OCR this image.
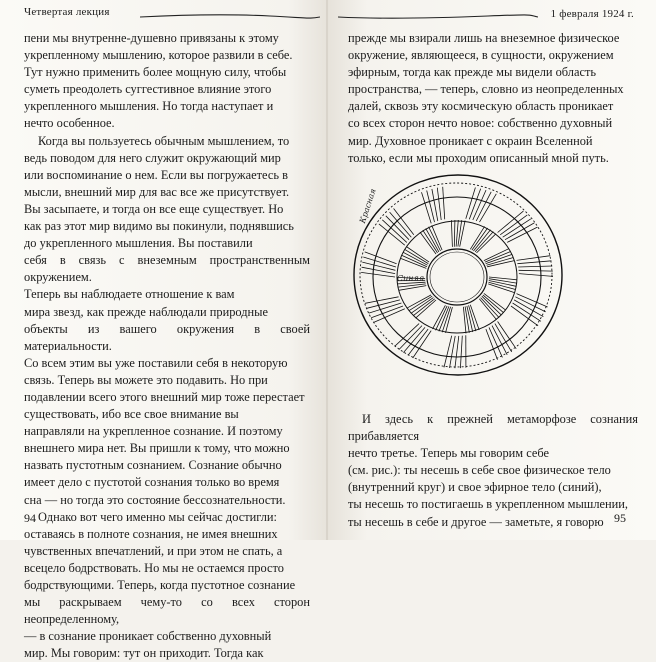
Четвертая лекция

пени мы внутренне-душевно привязаны к этому

укрепленному мышлению, которое развили в себе.

Тут нужно применить более мощную силу, чтобы

суметь преодолеть суггестивное влияние этого

укрепленного мышления. Но тогда наступает и

нечто особенное.

Когда вы пользуетесь обычным мышлением, то

ведь поводом для него служит окружающий мир

или воспоминание о нем. Если вы погружаетесь в

мысли, внешний мир для вас все же присутствует.

Вы засыпаете, и тогда он все еще существует. Но

как раз этот мир видимо вы покинули, поднявшись

до укрепленного мышления. Вы поставили

себя в связь с внеземным пространственным окружением.

Теперь вы наблюдаете отношение к вам

мира звезд, как прежде наблюдали природные

объекты из вашего окружения в своей материальности.

Со всем этим вы уже поставили себя в некоторую

связь. Теперь вы можете это подавить. Но при

подавлении всего этого внешний мир тоже перестает

существовать, ибо все свое внимание вы

направляли на укрепленное сознание. И поэтому

внешнего мира нет. Вы пришли к тому, что можно

назвать пустотным сознанием. Сознание обычно

имеет дело с пустотой сознания только во время

сна — но тогда это состояние бессознательности.

Однако вот чего именно мы сейчас достигли:

оставаясь в полноте сознания, не имея внешних

чувственных впечатлений, и при этом не спать, а

всецело бодрствовать. Но мы не остаемся просто

бодрствующими. Теперь, когда пустотное сознание

мы раскрываем чему-то со всех сторон неопределенному,

— в сознание проникает собственно духовный

мир. Мы говорим: тут он приходит. Тогда как

94
1 февраля 1924 г.

прежде мы взирали лишь на внеземное физическое

окружение, являющееся, в сущности, окружением

эфирным, тогда как прежде мы видели область

пространства, — теперь, словно из неопределенных

далей, сквозь эту космическую область проникает

со всех сторон нечто новое: собственно духовный

мир. Духовное проникает с окраин Вселенной

только, если мы проходим описанный мной путь.

И здесь к прежней метаморфозе сознания прибавляется

нечто третье. Теперь мы говорим себе

(см. рис.): ты несешь в себе свое физическое тело

(внутренний круг) и свое эфирное тело (синий),

ты несешь то постигаешь в укрепленном мышлении,

ты несешь в себе и другое — заметьте, я говорю 95
Красная
Синяя
